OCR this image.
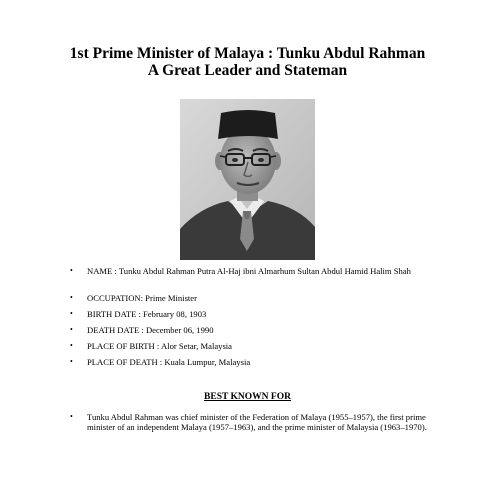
1st Prime Minister of Malaya : Tunku Abdul Rahman
A Great Leader and Stateman
• NAME : Tunku Abdul Rahman Putra Al-Haj ibni Almarhum Sultan Abdul Hamid Halim Shah
• OCCUPATION: Prime Minister
• BIRTH DATE : February 08, 1903
• DEATH DATE : December 06, 1990
• PLACE OF BIRTH : Alor Setar, Malaysia
• PLACE OF DEATH : Kuala Lumpur, Malaysia
BEST KNOWN FOR
• Tunku Abdul Rahman was chief minister of the Federation of Malaya (1955–1957), the first prime minister of an independent Malaya (1957–1963), and the prime minister of Malaysia (1963–1970).
